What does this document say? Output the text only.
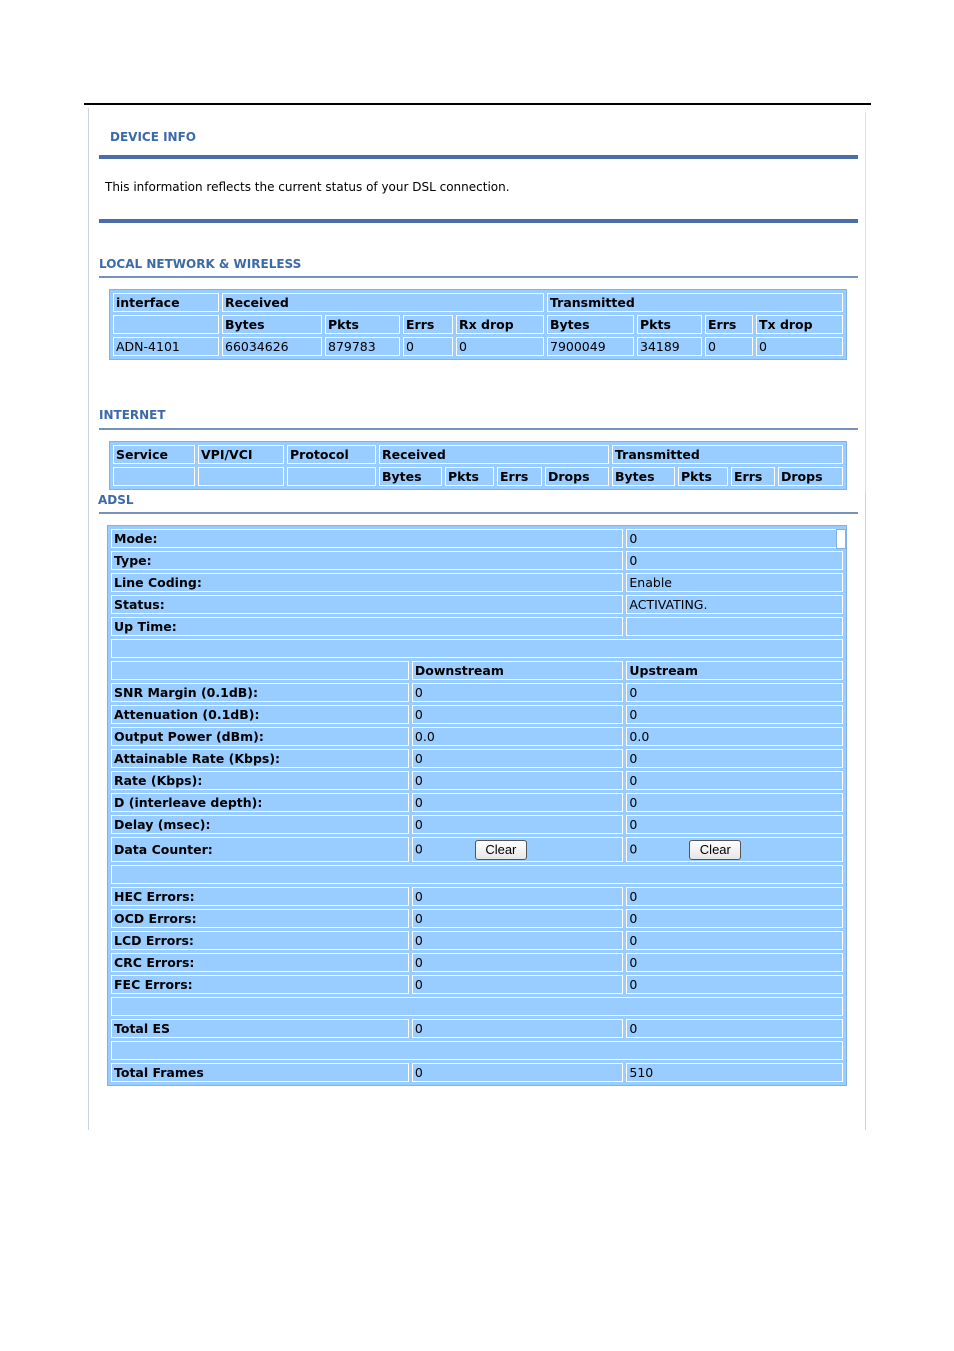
DEVICE INFO
This information reflects the current status of your DSL connection.
LOCAL NETWORK & WIRELESS
interface	Received				Transmitted			
	Bytes	Pkts	Errs	Rx drop	Bytes	Pkts	Errs	Tx drop
ADN-4101	66034626	879783	0	0	7900049	34189	0	0
INTERNET
Service	VPI/VCI	Protocol	Received				Transmitted			
			Bytes	Pkts	Errs	Drops	Bytes	Pkts	Errs	Drops
ADSL
Mode:		0
Type:		0
Line Coding:		Enable
Status:		ACTIVATING.
Up Time:		

	Downstream	Upstream
SNR Margin (0.1dB):	0	0
Attenuation (0.1dB):	0	0
Output Power (dBm):	0.0	0.0
Attainable Rate (Kbps):	0	0
Rate (Kbps):	0	0
D (interleave depth):	0	0
Delay (msec):	0	0
Data Counter:	0 Clear	0 Clear

HEC Errors:	0	0
OCD Errors:	0	0
LCD Errors:	0	0
CRC Errors:	0	0
FEC Errors:	0	0

Total ES	0	0

Total Frames	0	510
